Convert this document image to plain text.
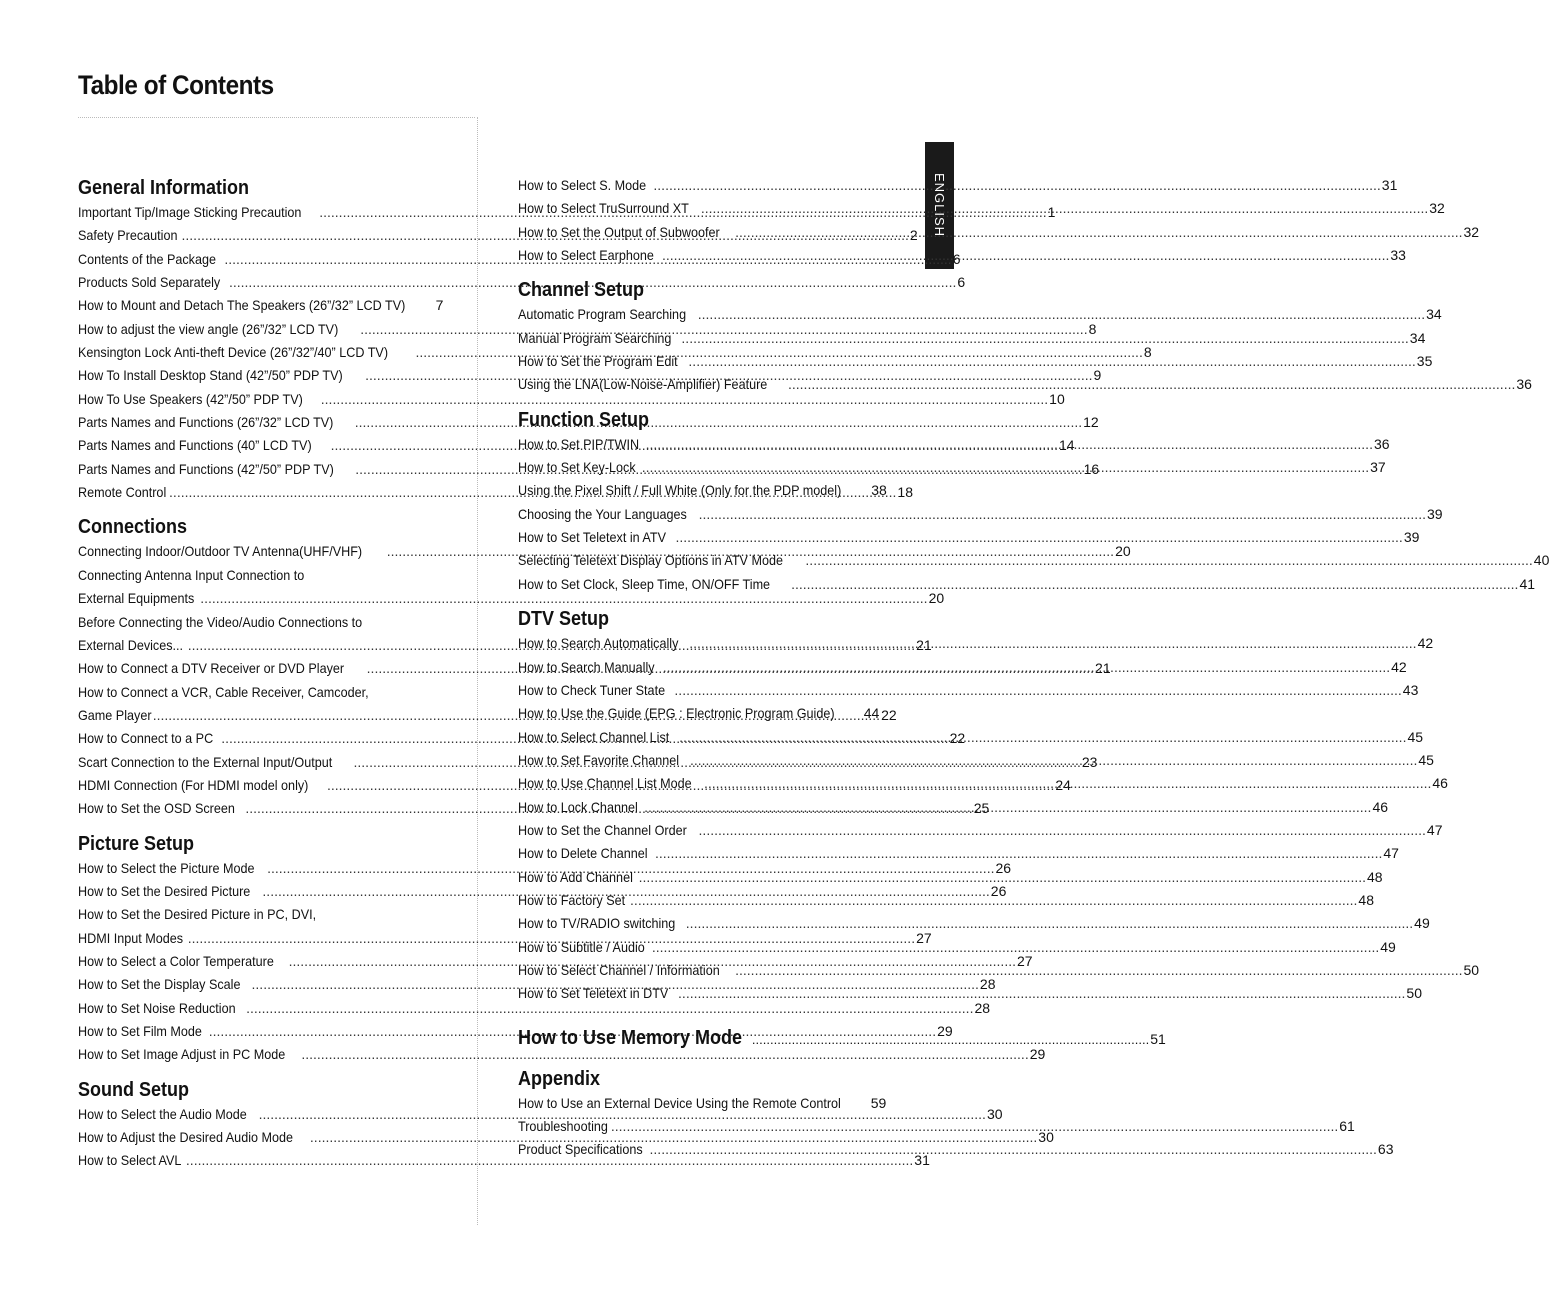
Table of Contents
ENGLISH
General Information
Important Tip/Image Sticking Precaution .....	1
Safety Precaution .....	2
Contents of the Package .....	6
Products Sold Separately .....	6
How to Mount and Detach The Speakers (26”/32” LCD TV) 7
How to adjust the view angle (26”/32” LCD TV) .....	8
Kensington Lock Anti-theft Device (26”/32”/40” LCD TV) .....	8
How To Install Desktop Stand (42”/50” PDP TV) .....	9
How To Use Speakers (42”/50” PDP TV) .....	10
Parts Names and Functions (26”/32” LCD TV) .....	12
Parts Names and Functions (40” LCD TV) .....	14
Parts Names and Functions (42”/50” PDP TV) .....	16
Remote Control .....	18
Connections
Connecting Indoor/Outdoor TV Antenna(UHF/VHF) .....	20
Connecting Antenna Input Connection to
External Equipments .....	20
Before Connecting the Video/Audio Connections to
External Devices... .....	21
How to Connect a DTV Receiver or DVD Player .....	21
How to Connect a VCR, Cable Receiver, Camcoder,
Game Player .....	22
How to Connect to a PC .....	22
Scart Connection to the External Input/Output .....	23
HDMI Connection (For HDMI model only) .....	24
How to Set the OSD Screen .....	25
Picture Setup
How to Select the Picture Mode .....	26
How to Set the Desired Picture .....	26
How to Set the Desired Picture in PC, DVI,
HDMI Input Modes .....	27
How to Select a Color Temperature .....	27
How to Set the Display Scale .....	28
How to Set Noise Reduction .....	28
How to Set Film Mode .....	29
How to Set Image Adjust in PC Mode .....	29
Sound Setup
How to Select the Audio Mode .....	30
How to Adjust the Desired Audio Mode .....	30
How to Select AVL .....	31
How to Select S. Mode .....	31
How to Select TruSurround XT .....	32
How to Set the Output of Subwoofer .....	32
How to Select Earphone .....	33
Channel Setup
Automatic Program Searching .....	34
Manual Program Searching .....	34
How to Set the Program Edit .....	35
Using the LNA(Low-Noise-Amplifier) Feature .....	36
Function Setup
How to Set PIP/TWIN .....	36
How to Set Key-Lock .....	37
Using the Pixel Shift / Full White (Only for the PDP model) 38
Choosing the Your Languages .....	39
How to Set Teletext in ATV .....	39
Selecting Teletext Display Options in ATV Mode .....	40
How to Set Clock, Sleep Time, ON/OFF Time .....	41
DTV Setup
How to Search Automatically .....	42
How to Search Manually .....	42
How to Check Tuner State .....	43
How to Use the Guide (EPG : Electronic Program Guide) 44
How to Select Channel List .....	45
How to Set Favorite Channel .....	45
How to Use Channel List Mode .....	46
How to Lock Channel .....	46
How to Set the Channel Order .....	47
How to Delete Channel .....	47
How to Add Channel .....	48
How to Factory Set .....	48
How to TV/RADIO switching .....	49
How to Subtitle / Audio .....	49
How to Select Channel / Information .....	50
How to Set Teletext in DTV .....	50
How to Use Memory Mode .....	51
Appendix
How to Use an External Device Using the Remote Control 59
Troubleshooting .....	61
Product Specifications .....	63
